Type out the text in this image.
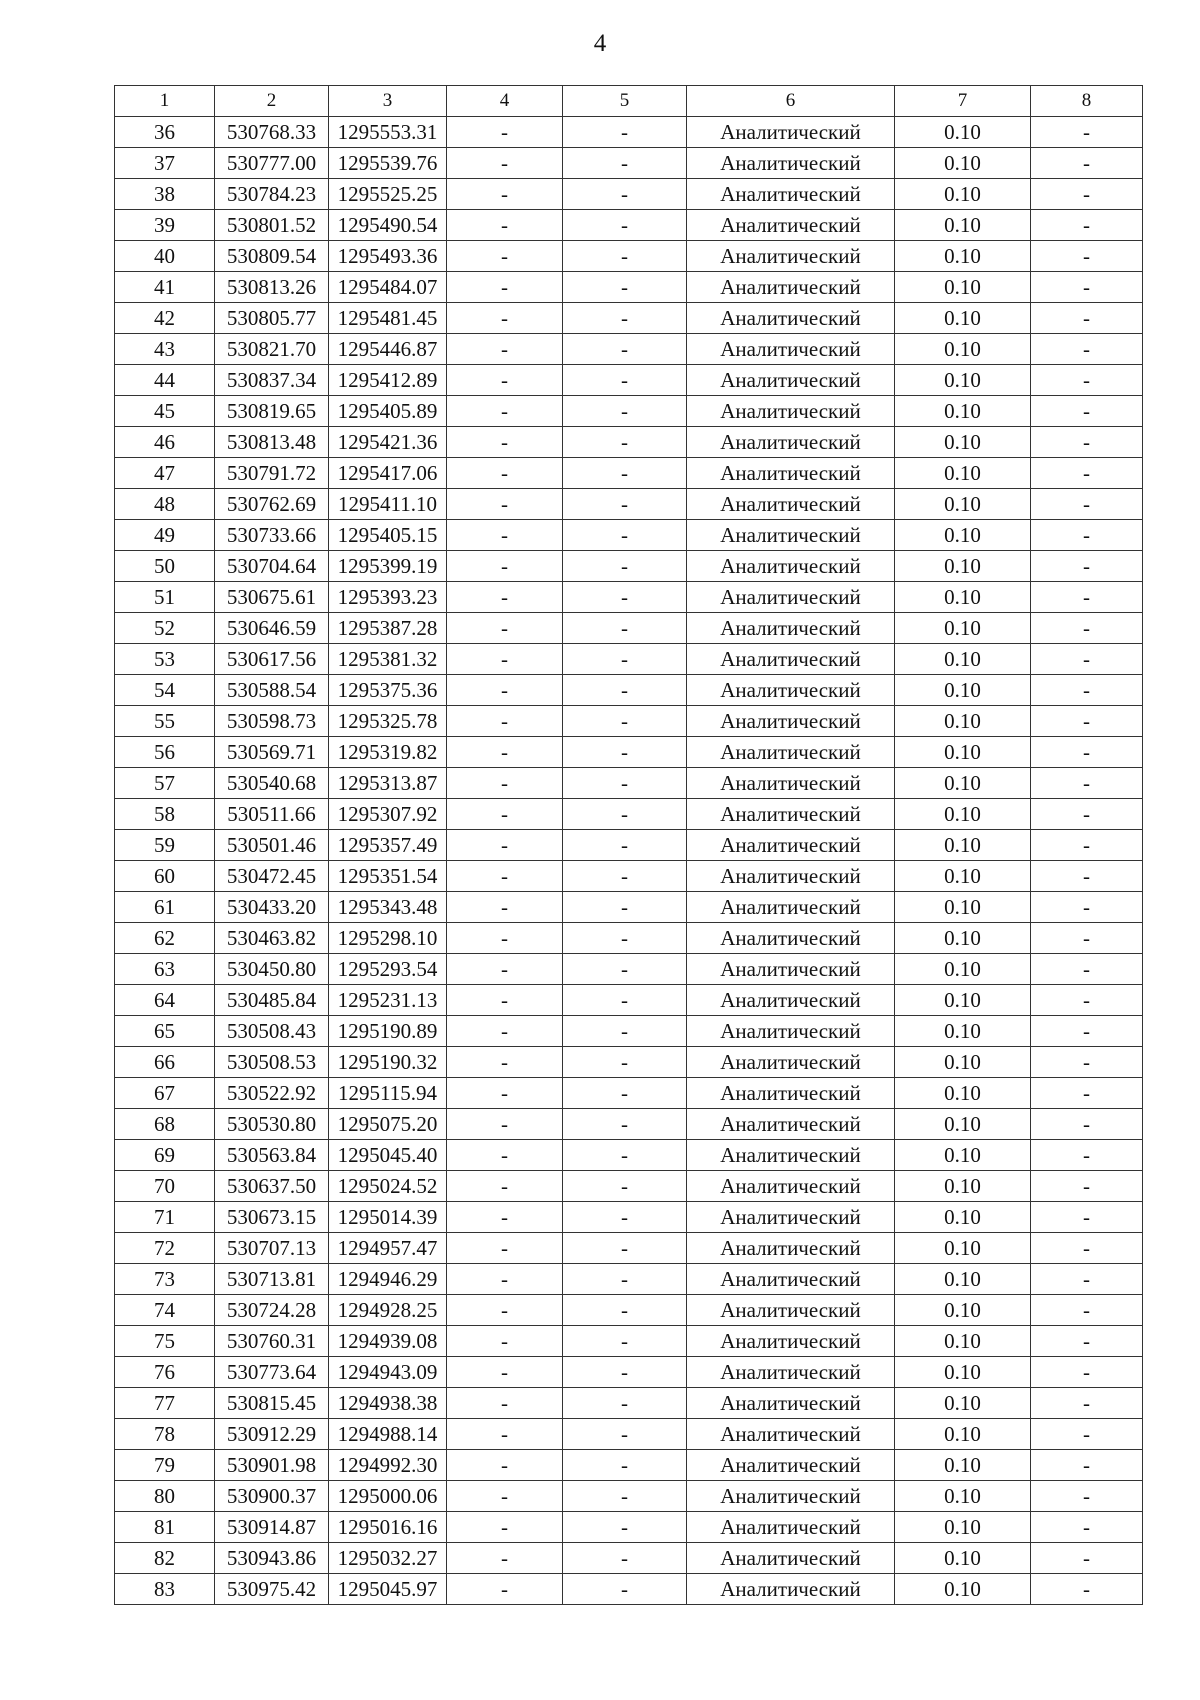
4
1	2	3	4	5	6	7	8
36	530768.33	1295553.31	-	-	Аналитический	0.10	-
37	530777.00	1295539.76	-	-	Аналитический	0.10	-
38	530784.23	1295525.25	-	-	Аналитический	0.10	-
39	530801.52	1295490.54	-	-	Аналитический	0.10	-
40	530809.54	1295493.36	-	-	Аналитический	0.10	-
41	530813.26	1295484.07	-	-	Аналитический	0.10	-
42	530805.77	1295481.45	-	-	Аналитический	0.10	-
43	530821.70	1295446.87	-	-	Аналитический	0.10	-
44	530837.34	1295412.89	-	-	Аналитический	0.10	-
45	530819.65	1295405.89	-	-	Аналитический	0.10	-
46	530813.48	1295421.36	-	-	Аналитический	0.10	-
47	530791.72	1295417.06	-	-	Аналитический	0.10	-
48	530762.69	1295411.10	-	-	Аналитический	0.10	-
49	530733.66	1295405.15	-	-	Аналитический	0.10	-
50	530704.64	1295399.19	-	-	Аналитический	0.10	-
51	530675.61	1295393.23	-	-	Аналитический	0.10	-
52	530646.59	1295387.28	-	-	Аналитический	0.10	-
53	530617.56	1295381.32	-	-	Аналитический	0.10	-
54	530588.54	1295375.36	-	-	Аналитический	0.10	-
55	530598.73	1295325.78	-	-	Аналитический	0.10	-
56	530569.71	1295319.82	-	-	Аналитический	0.10	-
57	530540.68	1295313.87	-	-	Аналитический	0.10	-
58	530511.66	1295307.92	-	-	Аналитический	0.10	-
59	530501.46	1295357.49	-	-	Аналитический	0.10	-
60	530472.45	1295351.54	-	-	Аналитический	0.10	-
61	530433.20	1295343.48	-	-	Аналитический	0.10	-
62	530463.82	1295298.10	-	-	Аналитический	0.10	-
63	530450.80	1295293.54	-	-	Аналитический	0.10	-
64	530485.84	1295231.13	-	-	Аналитический	0.10	-
65	530508.43	1295190.89	-	-	Аналитический	0.10	-
66	530508.53	1295190.32	-	-	Аналитический	0.10	-
67	530522.92	1295115.94	-	-	Аналитический	0.10	-
68	530530.80	1295075.20	-	-	Аналитический	0.10	-
69	530563.84	1295045.40	-	-	Аналитический	0.10	-
70	530637.50	1295024.52	-	-	Аналитический	0.10	-
71	530673.15	1295014.39	-	-	Аналитический	0.10	-
72	530707.13	1294957.47	-	-	Аналитический	0.10	-
73	530713.81	1294946.29	-	-	Аналитический	0.10	-
74	530724.28	1294928.25	-	-	Аналитический	0.10	-
75	530760.31	1294939.08	-	-	Аналитический	0.10	-
76	530773.64	1294943.09	-	-	Аналитический	0.10	-
77	530815.45	1294938.38	-	-	Аналитический	0.10	-
78	530912.29	1294988.14	-	-	Аналитический	0.10	-
79	530901.98	1294992.30	-	-	Аналитический	0.10	-
80	530900.37	1295000.06	-	-	Аналитический	0.10	-
81	530914.87	1295016.16	-	-	Аналитический	0.10	-
82	530943.86	1295032.27	-	-	Аналитический	0.10	-
83	530975.42	1295045.97	-	-	Аналитический	0.10	-
